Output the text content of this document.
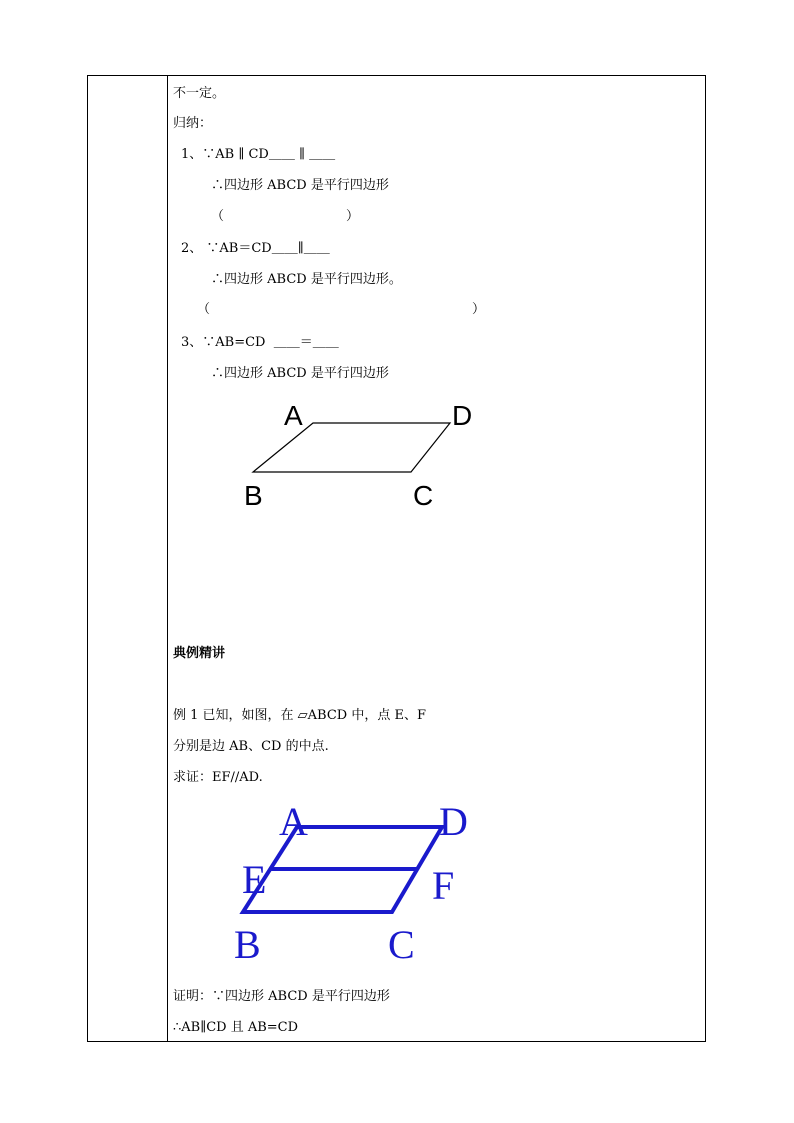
不一定。
归纳：
1、∵AB ∥ CD＿＿ ∥ ＿＿
∴四边形 ABCD 是平行四边形
（	）
2、 ∵AB＝CD＿＿∥＿＿
∴四边形 ABCD 是平行四边形。
（	）
3、∵AB=CD  ＿＿＝＿＿
∴四边形 ABCD 是平行四边形
A	D
B	C
典例精讲
例 1 已知，如图，在 ▱ABCD 中，点 E、F
分别是边 AB、CD 的中点.
求证：EF//AD.
A	D
E	F
B	C
证明：∵四边形 ABCD 是平行四边形
∴AB∥CD 且 AB=CD
